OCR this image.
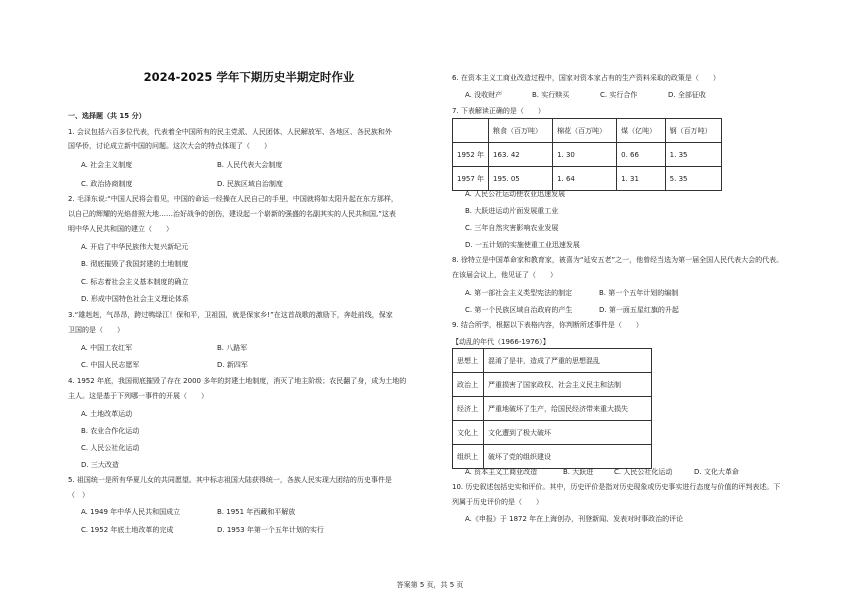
2024-2025 学年下期历史半期定时作业
一、选择题（共 15 分）
1. 会议包括六百多位代表，代表着全中国所有的民主党派、人民团体、人民解放军、各地区、各民族和外
国华侨，讨论成立新中国的问题。这次大会的特点体现了（　　）
A. 社会主义制度	B. 人民代表大会制度
C. 政治协商制度	D. 民族区域自治制度
2. 毛泽东说:“中国人民将会看见，中国的命运一经操在人民自己的手里，中国就将如太阳升起在东方那样，
以自己的辉耀的光焰普照大地……治好战争的创伤，建设起一个崭新的强盛的名副其实的人民共和国,”这表
明中华人民共和国的建立（　　）
A. 开启了中华民族伟大复兴新纪元
B. 彻底摧毁了我国封建的土地制度
C. 标志着社会主义基本制度的确立
D. 形成中国特色社会主义理论体系
3.“雄赳赳，气昂昂，跨过鸭绿江！保和平，卫祖国，就是保家乡!”在这首战歌的激励下，奔赴前线，保家
卫国的是（　　）
A. 中国工农红军	B. 八路军
C. 中国人民志愿军	D. 新四军
4. 1952 年底，我国彻底摧毁了存在 2000 多年的封建土地制度，消灭了地主阶级；农民翻了身，成为土地的
主人。这是基于下列哪一事件的开展（　　）
A. 土地改革运动
B. 农业合作化运动
C. 人民公社化运动
D. 三大改造
5. 祖国统一是所有华夏儿女的共同愿望。其中标志祖国大陆获得统一，各族人民实现大团结的历史事件是
（　）
A. 1949 年中华人民共和国成立	B. 1951 年西藏和平解放
C. 1952 年底土地改革的完成	D. 1953 年第一个五年计划的实行
6. 在资本主义工商业改造过程中，国家对资本家占有的生产资料采取的政策是（　　）
A. 没收财产	B. 实行赎买	C. 实行合作	D. 全部征收
7. 下表解读正确的是（　　）
	粮食（百万吨）	棉花（百万吨）	煤（亿吨）	钢（百万吨）
1952 年	163. 42	1. 30	0. 66	1. 35
1957 年	195. 05	1. 64	1. 31	5. 35
A. 人民公社运动使农业迅速发展
B. 大跃进运动片面发展重工业
C. 三年自然灾害影响农业发展
D. 一五计划的实施使重工业迅速发展
8. 徐特立是中国革命家和教育家，被喜为“延安五老”之一，他曾经当选为第一届全国人民代表大会的代表。
在该届会议上，他见证了（　　）
A. 第一部社会主义类型宪法的制定	B. 第一个五年计划的编制
C. 第一个民族区域自治政府的产生	D. 第一面五星红旗的升起
9. 结合所学，根据以下表格内容，你判断所述事件是（　　）
【动乱的年代（1966-1976）】
思想上	混淆了是非，造成了严重的思想混乱
政治上	严重损害了国家政权、社会主义民主和法制
经济上	严重地破坏了生产，给国民经济带来重大损失
文化上	文化遭到了极大破坏
组织上	破坏了党的组织建设
A. 资本主义工商业改造	B. 大跃进	C. 人民公社化运动	D. 文化大革命
10. 历史叙述包括史实和评价。其中，历史评价是指对历史现象或历史事实进行态度与价值的评判表述。下
列属于历史评价的是（　　）
A.《申报》于 1872 年在上海创办，刊登新闻、发表对时事政治的评论
答案第 5 页，共 5 页
